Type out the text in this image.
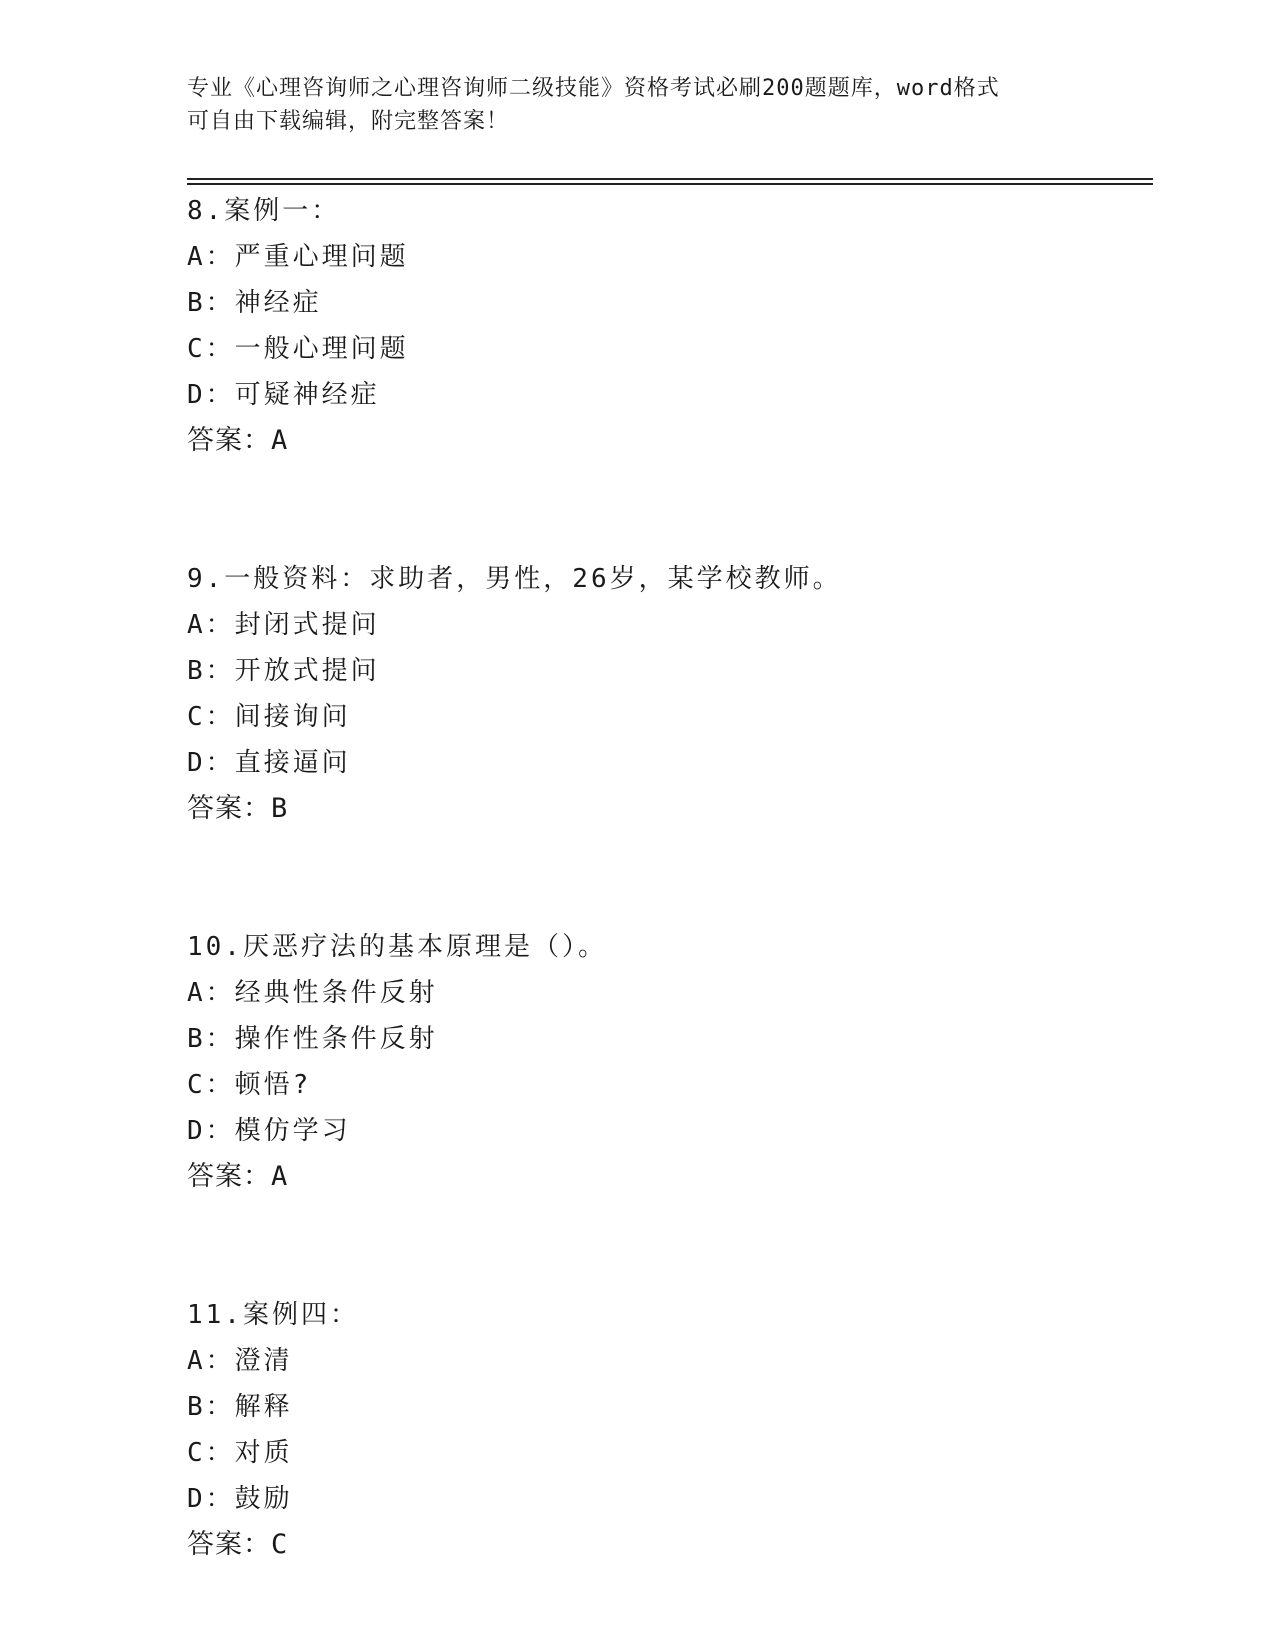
专业《心理咨询师之心理咨询师二级技能》资格考试必刷200题题库，word格式
可自由下载编辑，附完整答案！
8.案例一：
A：严重心理问题
B：神经症
C：一般心理问题
D：可疑神经症
答案：A
9.一般资料：求助者，男性，26岁，某学校教师。
A：封闭式提问
B：开放式提问
C：间接询问
D：直接逼问
答案：B
10.厌恶疗法的基本原理是（）。
A：经典性条件反射
B：操作性条件反射
C：顿悟?
D：模仿学习
答案：A
11.案例四：
A：澄清
B：解释
C：对质
D：鼓励
答案：C
